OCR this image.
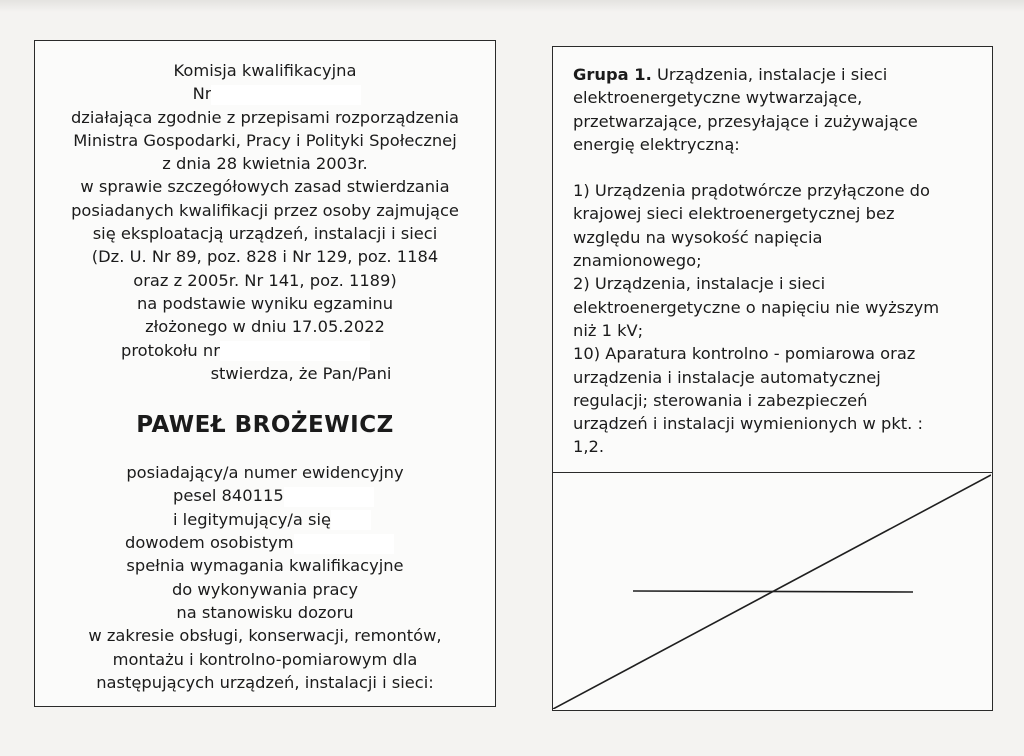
Komisja kwalifikacyjna
Nr
działająca zgodnie z przepisami rozporządzenia
Ministra Gospodarki, Pracy i Polityki Społecznej
z dnia 28 kwietnia 2003r.
w sprawie szczegółowych zasad stwierdzania
posiadanych kwalifikacji przez osoby zajmujące
się eksploatacją urządzeń, instalacji i sieci
(Dz. U. Nr 89, poz. 828 i Nr 129, poz. 1184
oraz z 2005r. Nr 141, poz. 1189)
na podstawie wyniku egzaminu
złożonego w dniu 17.05.2022
protokołu nr
stwierdza, że Pan/Pani
PAWEŁ BROŻEWICZ
posiadający/a numer ewidencyjny
pesel 840115
i legitymujący/a się
dowodem osobistym
spełnia wymagania kwalifikacyjne
do wykonywania pracy
na stanowisku dozoru
w zakresie obsługi, konserwacji, remontów,
montażu i kontrolno-pomiarowym dla
następujących urządzeń, instalacji i sieci:
Grupa 1. Urządzenia, instalacje i sieci
elektroenergetyczne wytwarzające,
przetwarzające, przesyłające i zużywające
energię elektryczną:
1) Urządzenia prądotwórcze przyłączone do
krajowej sieci elektroenergetycznej bez
względu na wysokość napięcia
znamionowego;
2) Urządzenia, instalacje i sieci
elektroenergetyczne o napięciu nie wyższym
niż 1 kV;
10) Aparatura kontrolno - pomiarowa oraz
urządzenia i instalacje automatycznej
regulacji; sterowania i zabezpieczeń
urządzeń i instalacji wymienionych w pkt. :
1,2.
